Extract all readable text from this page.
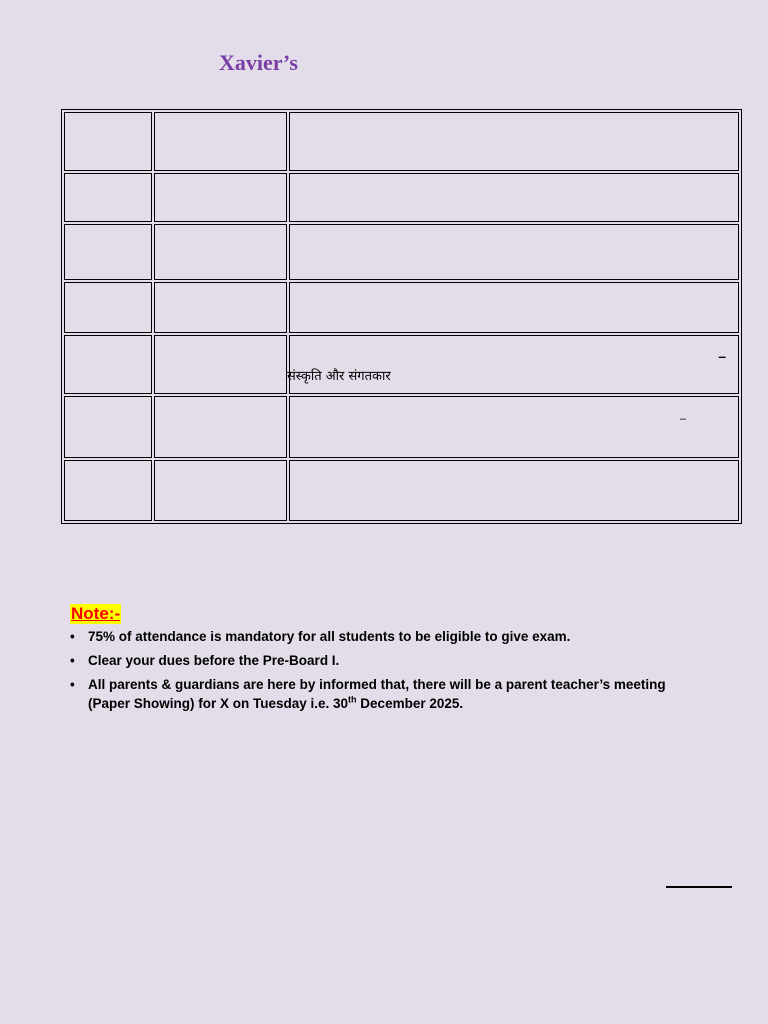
Xavier’s

		–
संस्कृति और संगतकार

		–

Note:-
• 75% of attendance is mandatory for all students to be eligible to give exam.
• Clear your dues before the Pre-Board I.
• All parents & guardians are here by informed that, there will be a parent teacher’s meeting (Paper Showing) for X on Tuesday i.e. 30th December 2025.
